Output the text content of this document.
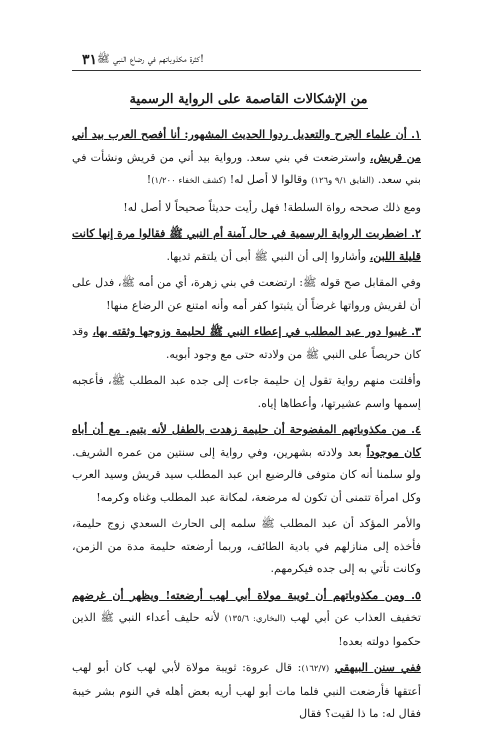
٣١ كثرة مكذوباتهم في رضاع النبي ﷺ!
من الإشكالات القاصمة على الرواية الرسمية

١. أن علماء الجرح والتعديل ردوا الحديث المشهور: أنا أفصح العرب بيد أني من قريش، واسترضعت في بني سعد. ورواية بيد أني من قريش ونشأت في بني سعد. (الفايق ٩/١ و١٢٦) وقالوا لا أصل له! (كشف الخفاء ١/٢٠٠)!

ومع ذلك صححه رواة السلطة! فهل رأيت حديثاً صحيحاً لا أصل له!

٢. اضطربت الرواية الرسمية في حال آمنة أم النبي ﷺ فقالوا مرة إنها كانت قليلة اللبن، وأشاروا إلى أن النبي ﷺ أبى أن يلتقم ثديها.

وفي المقابل صح قوله ﷺ: ارتضعت في بني زهرة، أي من أمه ﷺ، فدل على أن لقريش ورواتها غرضاً أن يثبتوا كفر أمه وأنه امتنع عن الرضاع منها!

٣. غيبوا دور عبد المطلب في إعطاء النبي ﷺ لحليمة وزوجها وثقته بها، وقد كان حريصاً على النبي ﷺ من ولادته حتى مع وجود أبويه.

وأفلتت منهم رواية تقول إن حليمة جاءت إلى جده عبد المطلب ﷺ، فأعجبه إسمها واسم عشيرتها، وأعطاها إياه.

٤. من مكذوباتهم المفضوحة أن حليمة زهدت بالطفل لأنه يتيم. مع أن أباه كان موجوداً بعد ولادته بشهرين، وفي رواية إلى سنتين من عمره الشريف. ولو سلمنا أنه كان متوفى فالرضيع ابن عبد المطلب سيد قريش وسيد العرب وكل امرأة تتمنى أن تكون له مرضعة، لمكانة عبد المطلب وغناه وكرمه!

والأمر المؤكد أن عبد المطلب ﷺ سلمه إلى الحارث السعدي زوج حليمة، فأخذه إلى منازلهم في بادية الطائف، وربما أرضعته حليمة مدة من الزمن، وكانت تأتي به إلى جده فيكرمهم.

٥. ومن مكذوباتهم أن ثويبة مولاة أبي لهب أرضعته! ويظهر أن غرضهم تخفيف العذاب عن أبي لهب (البخاري: ١٣٥/٦) لأنه حليف أعداء النبي ﷺ الذين حكموا دولته بعده!

ففي سنن البيهقي (١٦٢/٧): قال عروة: ثويبة مولاة لأبي لهب كان أبو لهب أعتقها فأرضعت النبي فلما مات أبو لهب أريه بعض أهله في النوم بشر خيبة فقال له: ما ذا لقيت؟ فقال
